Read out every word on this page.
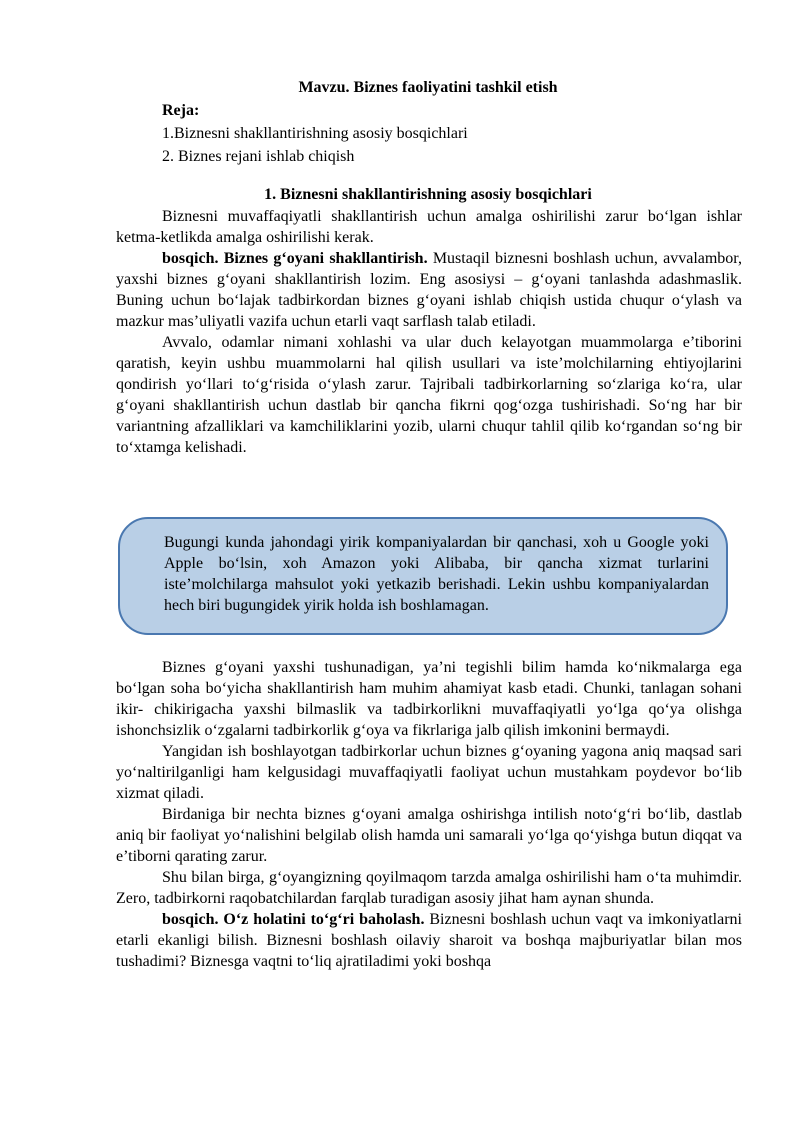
Mavzu. Biznes faoliyatini tashkil etish
Reja:
1.Biznesni shakllantirishning asosiy bosqichlari
2. Biznes rejani ishlab chiqish
1. Biznesni shakllantirishning asosiy bosqichlari

Biznesni muvaffaqiyatli shakllantirish uchun amalga oshirilishi zarur bo‘lgan ishlar ketma-ketlikda amalga oshirilishi kerak.

bosqich. Biznes g‘oyani shakllantirish. Mustaqil biznesni boshlash uchun, avvalambor, yaxshi biznes g‘oyani shakllantirish lozim. Eng asosiysi – g‘oyani tanlashda adashmaslik. Buning uchun bo‘lajak tadbirkordan biznes g‘oyani ishlab chiqish ustida chuqur o‘ylash va mazkur mas’uliyatli vazifa uchun etarli vaqt sarflash talab etiladi.

Avvalo, odamlar nimani xohlashi va ular duch kelayotgan muammolarga e’tiborini qaratish, keyin ushbu muammolarni hal qilish usullari va iste’molchilarning ehtiyojlarini qondirish yo‘llari to‘g‘risida o‘ylash zarur. Tajribali tadbirkorlarning so‘zlariga ko‘ra, ular g‘oyani shakllantirish uchun dastlab bir qancha fikrni qog‘ozga tushirishadi. So‘ng har bir variantning afzalliklari va kamchiliklarini yozib, ularni chuqur tahlil qilib ko‘rgandan so‘ng bir to‘xtamga kelishadi.

Bugungi kunda jahondagi yirik kompaniyalardan bir qanchasi, xoh u Google yoki Apple bo‘lsin, xoh Amazon yoki Alibaba, bir qancha xizmat turlarini iste’molchilarga mahsulot yoki yetkazib berishadi. Lekin ushbu kompaniyalardan hech biri bugungidek yirik holda ish boshlamagan.

Biznes g‘oyani yaxshi tushunadigan, ya’ni tegishli bilim hamda ko‘nikmalarga ega bo‘lgan soha bo‘yicha shakllantirish ham muhim ahamiyat kasb etadi. Chunki, tanlagan sohani ikir- chikirigacha yaxshi bilmaslik va tadbirkorlikni muvaffaqiyatli yo‘lga qo‘ya olishga ishonchsizlik o‘zgalarni tadbirkorlik g‘oya va fikrlariga jalb qilish imkonini bermaydi.

Yangidan ish boshlayotgan tadbirkorlar uchun biznes g‘oyaning yagona aniq maqsad sari yo‘naltirilganligi ham kelgusidagi muvaffaqiyatli faoliyat uchun mustahkam poydevor bo‘lib xizmat qiladi.

Birdaniga bir nechta biznes g‘oyani amalga oshirishga intilish noto‘g‘ri bo‘lib, dastlab aniq bir faoliyat yo‘nalishini belgilab olish hamda uni samarali yo‘lga qo‘yishga butun diqqat va e’tiborni qarating zarur.

Shu bilan birga, g‘oyangizning qoyilmaqom tarzda amalga oshirilishi ham o‘ta muhimdir. Zero, tadbirkorni raqobatchilardan farqlab turadigan asosiy jihat ham aynan shunda.

bosqich. O‘z holatini to‘g‘ri baholash. Biznesni boshlash uchun vaqt va imkoniyatlarni etarli ekanligi bilish. Biznesni boshlash oilaviy sharoit va boshqa majburiyatlar bilan mos tushadimi? Biznesga vaqtni to‘liq ajratiladimi yoki boshqa
